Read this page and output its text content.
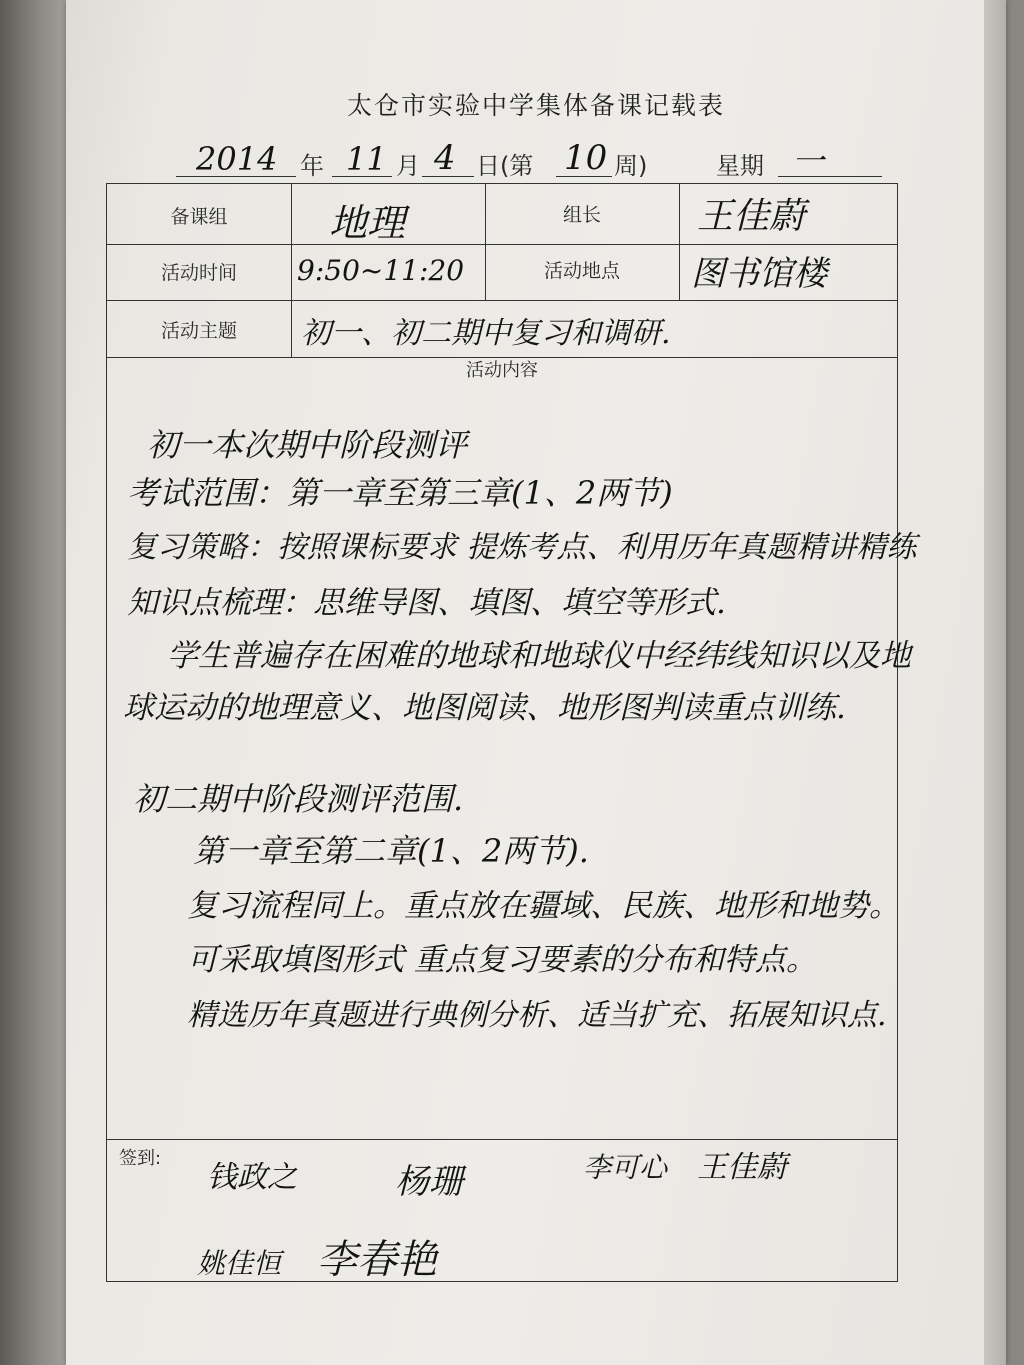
太仓市实验中学集体备课记载表
2014 年 11 月 4 日(第 10 周)	星期 一
备课组	地理	组长	王佳蔚
活动时间	9:50~11:20	活动地点	图书馆楼
活动主题	初一、初二期中复习和调研.
活动内容
初一本次期中阶段测评
考试范围：第一章至第三章(1、2两节)
复习策略：按照课标要求 提炼考点、利用历年真题精讲精练
知识点梳理：思维导图、填图、填空等形式.
学生普遍存在困难的地球和地球仪中经纬线知识以及地
球运动的地理意义、地图阅读、地形图判读重点训练.
初二期中阶段测评范围.
第一章至第二章(1、2两节).
复习流程同上。重点放在疆域、民族、地形和地势。
可采取填图形式 重点复习要素的分布和特点。
精选历年真题进行典例分析、适当扩充、拓展知识点.
签到:
钱政之	杨珊	李可心 王佳蔚
姚佳恒 李春艳
